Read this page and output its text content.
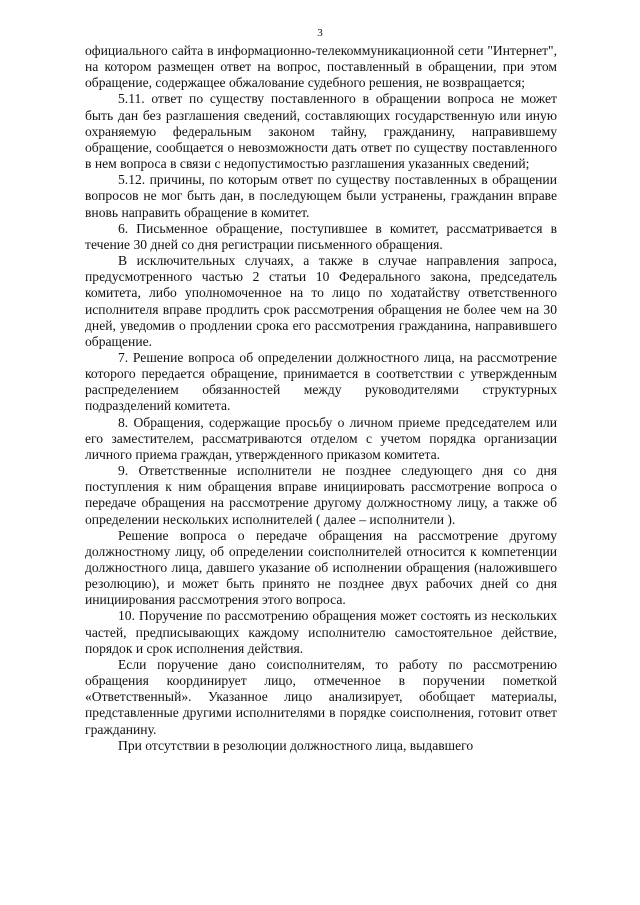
3

официального сайта в информационно-телекоммуникационной сети "Интернет", на котором размещен ответ на вопрос, поставленный в обращении, при этом обращение, содержащее обжалование судебного решения, не возвращается;

5.11. ответ по существу поставленного в обращении вопроса не может быть дан без разглашения сведений, составляющих государственную или иную охраняемую федеральным законом тайну, гражданину, направившему обращение, сообщается о невозможности дать ответ по существу поставленного в нем вопроса в связи с недопустимостью разглашения указанных сведений;

5.12. причины, по которым ответ по существу поставленных в обращении вопросов не мог быть дан, в последующем были устранены, гражданин вправе вновь направить обращение в комитет.

6. Письменное обращение, поступившее в комитет, рассматривается в течение 30 дней со дня регистрации письменного обращения.

В исключительных случаях, а также в случае направления запроса, предусмотренного частью 2 статьи 10 Федерального закона, председатель комитета, либо уполномоченное на то лицо по ходатайству ответственного исполнителя вправе продлить срок рассмотрения обращения не более чем на 30 дней, уведомив о продлении срока его рассмотрения гражданина, направившего обращение.

7. Решение вопроса об определении должностного лица, на рассмотрение которого передается обращение, принимается в соответствии с утвержденным распределением обязанностей между руководителями структурных подразделений комитета.

8. Обращения, содержащие просьбу о личном приеме председателем или его заместителем, рассматриваются отделом с учетом порядка организации личного приема граждан, утвержденного приказом комитета.

9. Ответственные исполнители не позднее следующего дня со дня поступления к ним обращения вправе инициировать рассмотрение вопроса о передаче обращения на рассмотрение другому должностному лицу, а также об определении нескольких исполнителей ( далее – исполнители ).

Решение вопроса о передаче обращения на рассмотрение другому должностному лицу, об определении соисполнителей относится к компетенции должностного лица, давшего указание об исполнении обращения (наложившего резолюцию), и может быть принято не позднее двух рабочих дней со дня инициирования рассмотрения этого вопроса.

10. Поручение по рассмотрению обращения может состоять из нескольких частей, предписывающих каждому исполнителю самостоятельное действие, порядок и срок исполнения действия.

Если поручение дано соисполнителям, то работу по рассмотрению обращения координирует лицо, отмеченное в поручении пометкой «Ответственный». Указанное лицо анализирует, обобщает материалы, представленные другими исполнителями в порядке соисполнения, готовит ответ гражданину.

При отсутствии в резолюции должностного лица, выдавшего
